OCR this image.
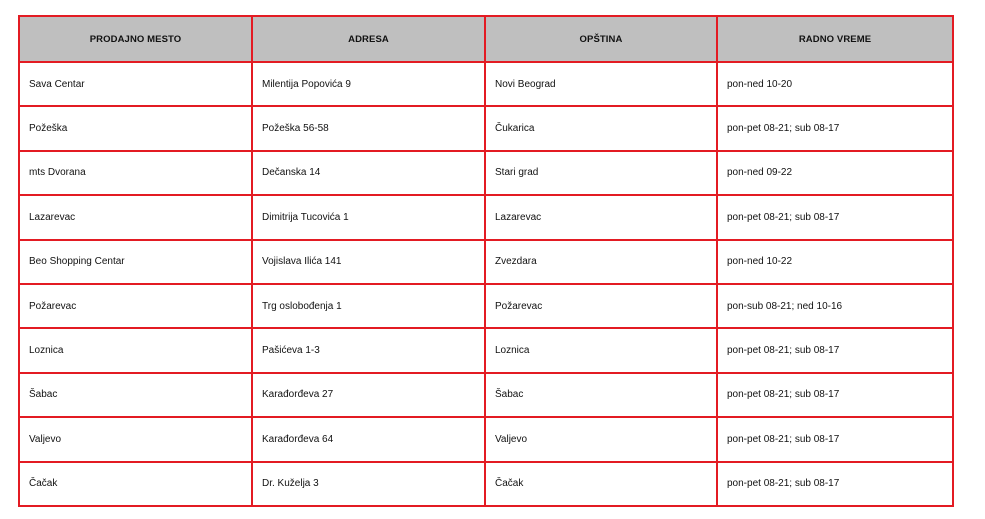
PRODAJNO MESTO	ADRESA	OPŠTINA	RADNO VREME
Sava Centar	Milentija Popovića 9	Novi Beograd	pon-ned 10-20
Požeška	Požeška 56-58	Čukarica	pon-pet 08-21; sub 08-17
mts Dvorana	Dečanska 14	Stari grad	pon-ned 09-22
Lazarevac	Dimitrija Tucovića 1	Lazarevac	pon-pet 08-21; sub 08-17
Beo Shopping Centar	Vojislava Ilića 141	Zvezdara	pon-ned 10-22
Požarevac	Trg oslobođenja 1	Požarevac	pon-sub 08-21; ned 10-16
Loznica	Pašićeva 1-3	Loznica	pon-pet 08-21; sub 08-17
Šabac	Karađorđeva 27	Šabac	pon-pet 08-21; sub 08-17
Valjevo	Karađorđeva 64	Valjevo	pon-pet 08-21; sub 08-17
Čačak	Dr. Kuželja 3	Čačak	pon-pet 08-21; sub 08-17
